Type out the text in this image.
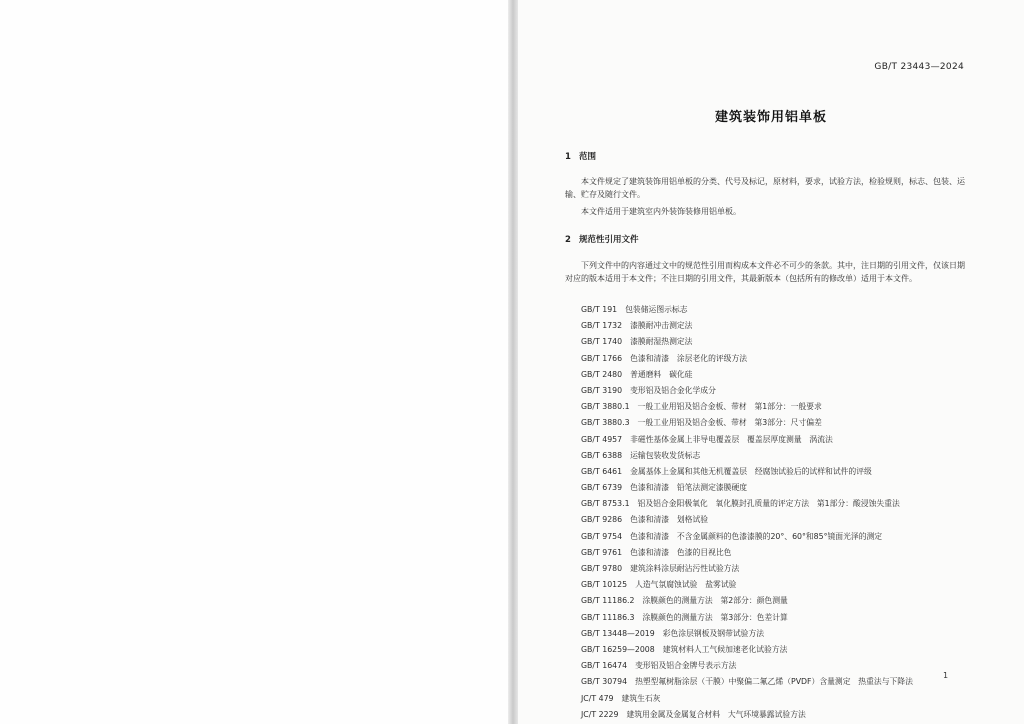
GB/T 23443—2024
建筑装饰用铝单板
1 范围

本文件规定了建筑装饰用铝单板的分类、代号及标记，原材料，要求，试验方法，检验规则，标志、包装、运输、贮存及随行文件。

本文件适用于建筑室内外装饰装修用铝单板。

2 规范性引用文件

下列文件中的内容通过文中的规范性引用而构成本文件必不可少的条款。其中，注日期的引用文件，仅该日期对应的版本适用于本文件；不注日期的引用文件，其最新版本（包括所有的修改单）适用于本文件。

GB/T 191 包装储运图示标志
GB/T 1732 漆膜耐冲击测定法
GB/T 1740 漆膜耐湿热测定法
GB/T 1766 色漆和清漆　涂层老化的评级方法
GB/T 2480 普通磨料　碳化硅
GB/T 3190 变形铝及铝合金化学成分
GB/T 3880.1 一般工业用铝及铝合金板、带材　第1部分：一般要求
GB/T 3880.3 一般工业用铝及铝合金板、带材　第3部分：尺寸偏差
GB/T 4957 非磁性基体金属上非导电覆盖层　覆盖层厚度测量　涡流法
GB/T 6388 运输包装收发货标志
GB/T 6461 金属基体上金属和其他无机覆盖层　经腐蚀试验后的试样和试件的评级
GB/T 6739 色漆和清漆　铅笔法测定漆膜硬度
GB/T 8753.1 铝及铝合金阳极氧化　氧化膜封孔质量的评定方法　第1部分：酸浸蚀失重法
GB/T 9286 色漆和清漆　划格试验
GB/T 9754 色漆和清漆　不含金属颜料的色漆漆膜的20°、60°和85°镜面光泽的测定
GB/T 9761 色漆和清漆　色漆的目视比色
GB/T 9780 建筑涂料涂层耐沾污性试验方法
GB/T 10125 人造气氛腐蚀试验　盐雾试验
GB/T 11186.2 涂膜颜色的测量方法　第2部分：颜色测量
GB/T 11186.3 涂膜颜色的测量方法　第3部分：色差计算
GB/T 13448—2019 彩色涂层钢板及钢带试验方法
GB/T 16259—2008 建筑材料人工气候加速老化试验方法
GB/T 16474 变形铝及铝合金牌号表示方法
GB/T 30794 热塑型氟树脂涂层（干膜）中聚偏二氟乙烯（PVDF）含量测定　热重法与下降法
JC/T 479 建筑生石灰
JC/T 2229 建筑用金属及金属复合材料　大气环境暴露试验方法
1
